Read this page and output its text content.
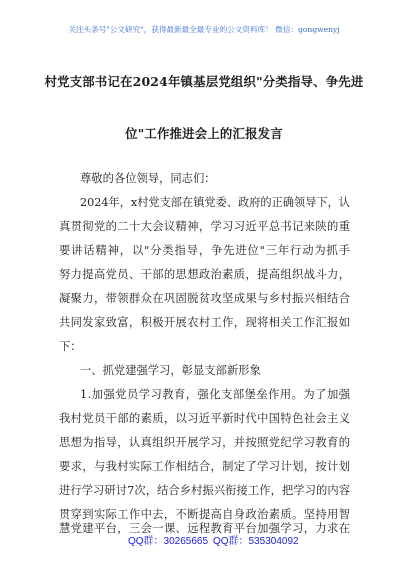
关注头条号"公文研究"，获得最新最全最专业的公文资料库！ 微信：gongwenyj
村党支部书记在2024年镇基层党组织"分类指导、争先进
位"工作推进会上的汇报发言
尊敬的各位领导，同志们：
2024年，x村党支部在镇党委、政府的正确领导下，认
真贯彻党的二十大会议精神，学习习近平总书记来陕的重
要讲话精神，以"分类指导，争先进位"三年行动为抓手
努力提高党员、干部的思想政治素质，提高组织战斗力，
凝聚力，带领群众在巩固脱贫攻坚成果与乡村振兴相结合
共同发家致富，积极开展农村工作，现将相关工作汇报如
下：
一、抓党建强学习，彰显支部新形象
1.加强党员学习教育，强化支部堡垒作用。为了加强
我村党员干部的素质，以习近平新时代中国特色社会主义
思想为指导，认真组织开展学习，并按照党纪学习教育的
要求，与我村实际工作相结合，制定了学习计划，按计划
进行学习研讨7次，结合乡村振兴衔接工作，把学习的内容
贯穿到实际工作中去，不断提高自身政治素质。坚持用智
慧党建平台，三会一课、远程教育平台加强学习，力求在
QQ群：30265665 QQ群：535304092
